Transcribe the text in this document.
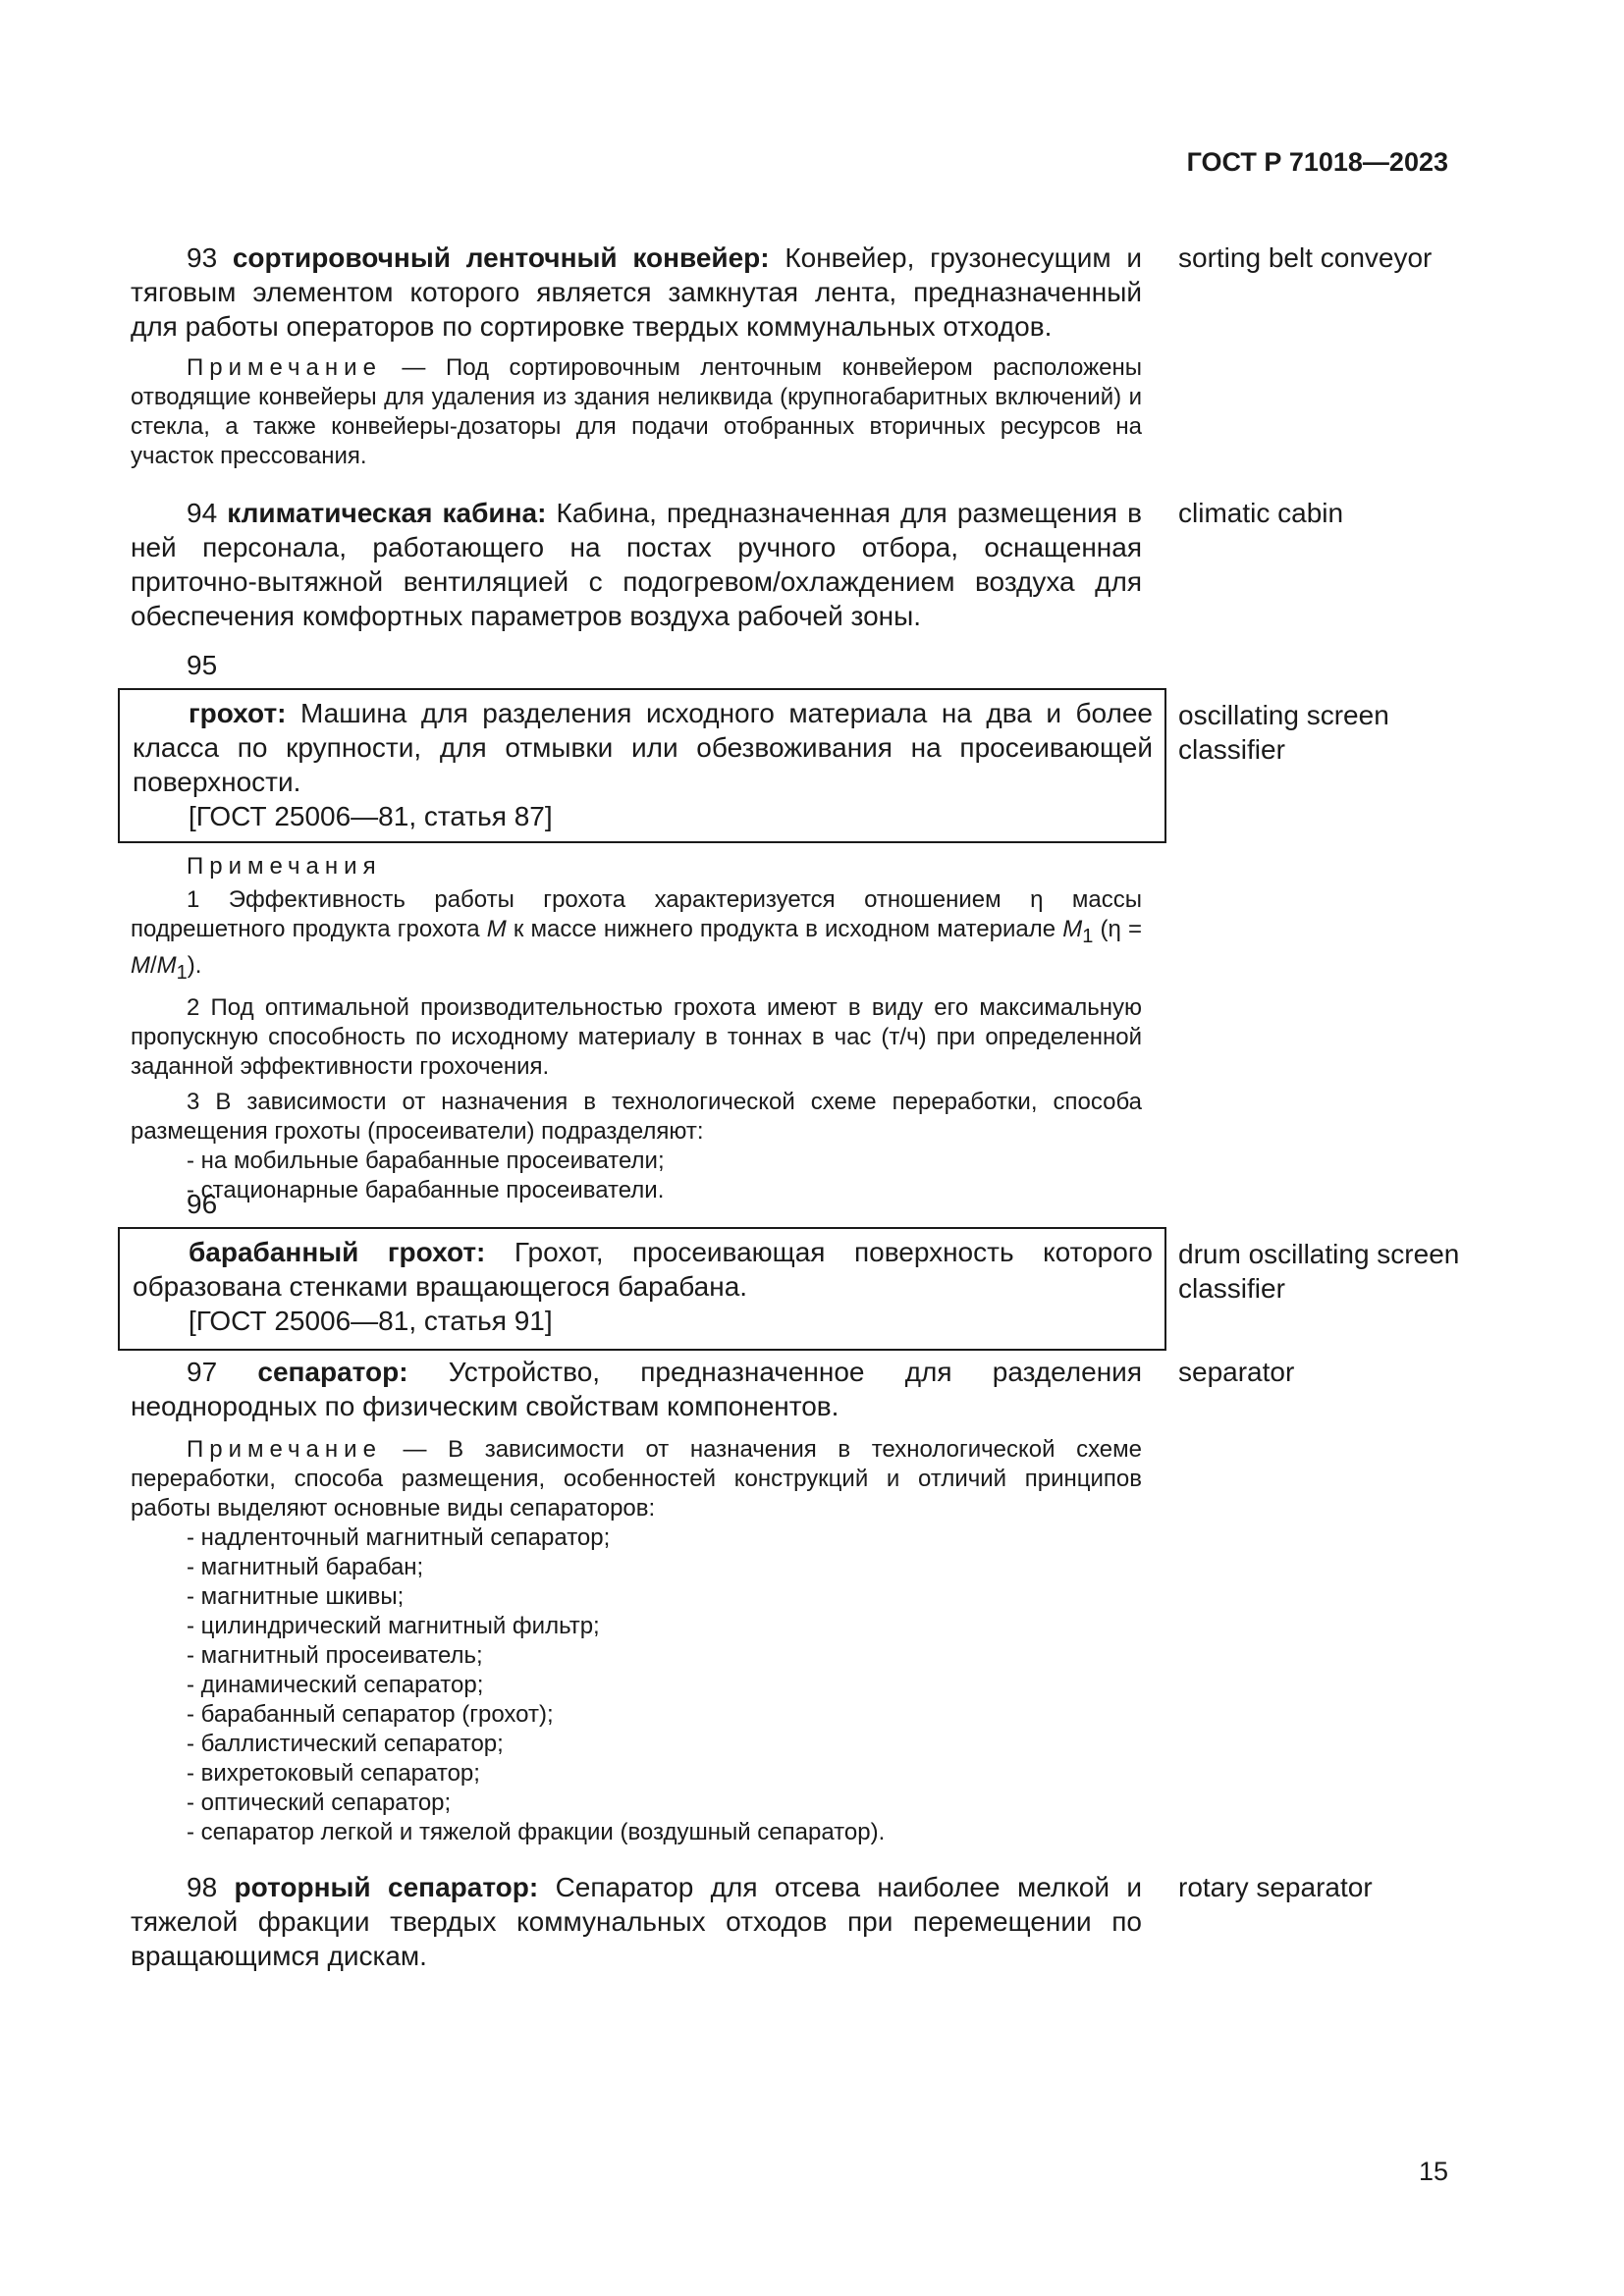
ГОСТ Р 71018—2023

93 сортировочный ленточный конвейер: Конвейер, грузонесущим и тяговым элементом которого является замкнутая лента, предназначенный для работы операторов по сортировке твердых коммунальных отходов.

Примечание — Под сортировочным ленточным конвейером расположены отводящие конвейеры для удаления из здания неликвида (крупногабаритных включений) и стекла, а также конвейеры-дозаторы для подачи отобранных вторичных ресурсов на участок прессования.

sorting belt conveyor

94 климатическая кабина: Кабина, предназначенная для размещения в ней персонала, работающего на постах ручного отбора, оснащенная приточно-вытяжной вентиляцией с подогревом/охлаждением воздуха для обеспечения комфортных параметров воздуха рабочей зоны.

climatic cabin
95

грохот: Машина для разделения исходного материала на два и более класса по крупности, для отмывки или обезвоживания на просеивающей поверхности.

[ГОСТ 25006—81, статья 87]

oscillating screen classifier

Примечания

1 Эффективность работы грохота характеризуется отношением η массы подрешетного продукта грохота M к массе нижнего продукта в исходном материале $M_1$ $(\eta = M/M_1)$.

2 Под оптимальной производительностью грохота имеют в виду его максимальную пропускную способность по исходному материалу в тоннах в час (т/ч) при определенной заданной эффективности грохочения.

3 В зависимости от назначения в технологической схеме переработки, способа размещения грохоты (просеиватели) подразделяют:

- на мобильные барабанные просеиватели;
- стационарные барабанные просеиватели.
96

барабанный грохот: Грохот, просеивающая поверхность которого образована стенками вращающегося барабана.

[ГОСТ 25006—81, статья 91]

drum oscillating screen classifier

97 сепаратор: Устройство, предназначенное для разделения неоднородных по физическим свойствам компонентов.

Примечание — В зависимости от назначения в технологической схеме переработки, способа размещения, особенностей конструкций и отличий принципов работы выделяют основные виды сепараторов:

- надленточный магнитный сепаратор;
- магнитный барабан;
- магнитные шкивы;
- цилиндрический магнитный фильтр;
- магнитный просеиватель;
- динамический сепаратор;
- барабанный сепаратор (грохот);
- баллистический сепаратор;
- вихретоковый сепаратор;
- оптический сепаратор;
- сепаратор легкой и тяжелой фракции (воздушный сепаратор).
separator

98 роторный сепаратор: Сепаратор для отсева наиболее мелкой и тяжелой фракции твердых коммунальных отходов при перемещении по вращающимся дискам.

rotary separator
15
